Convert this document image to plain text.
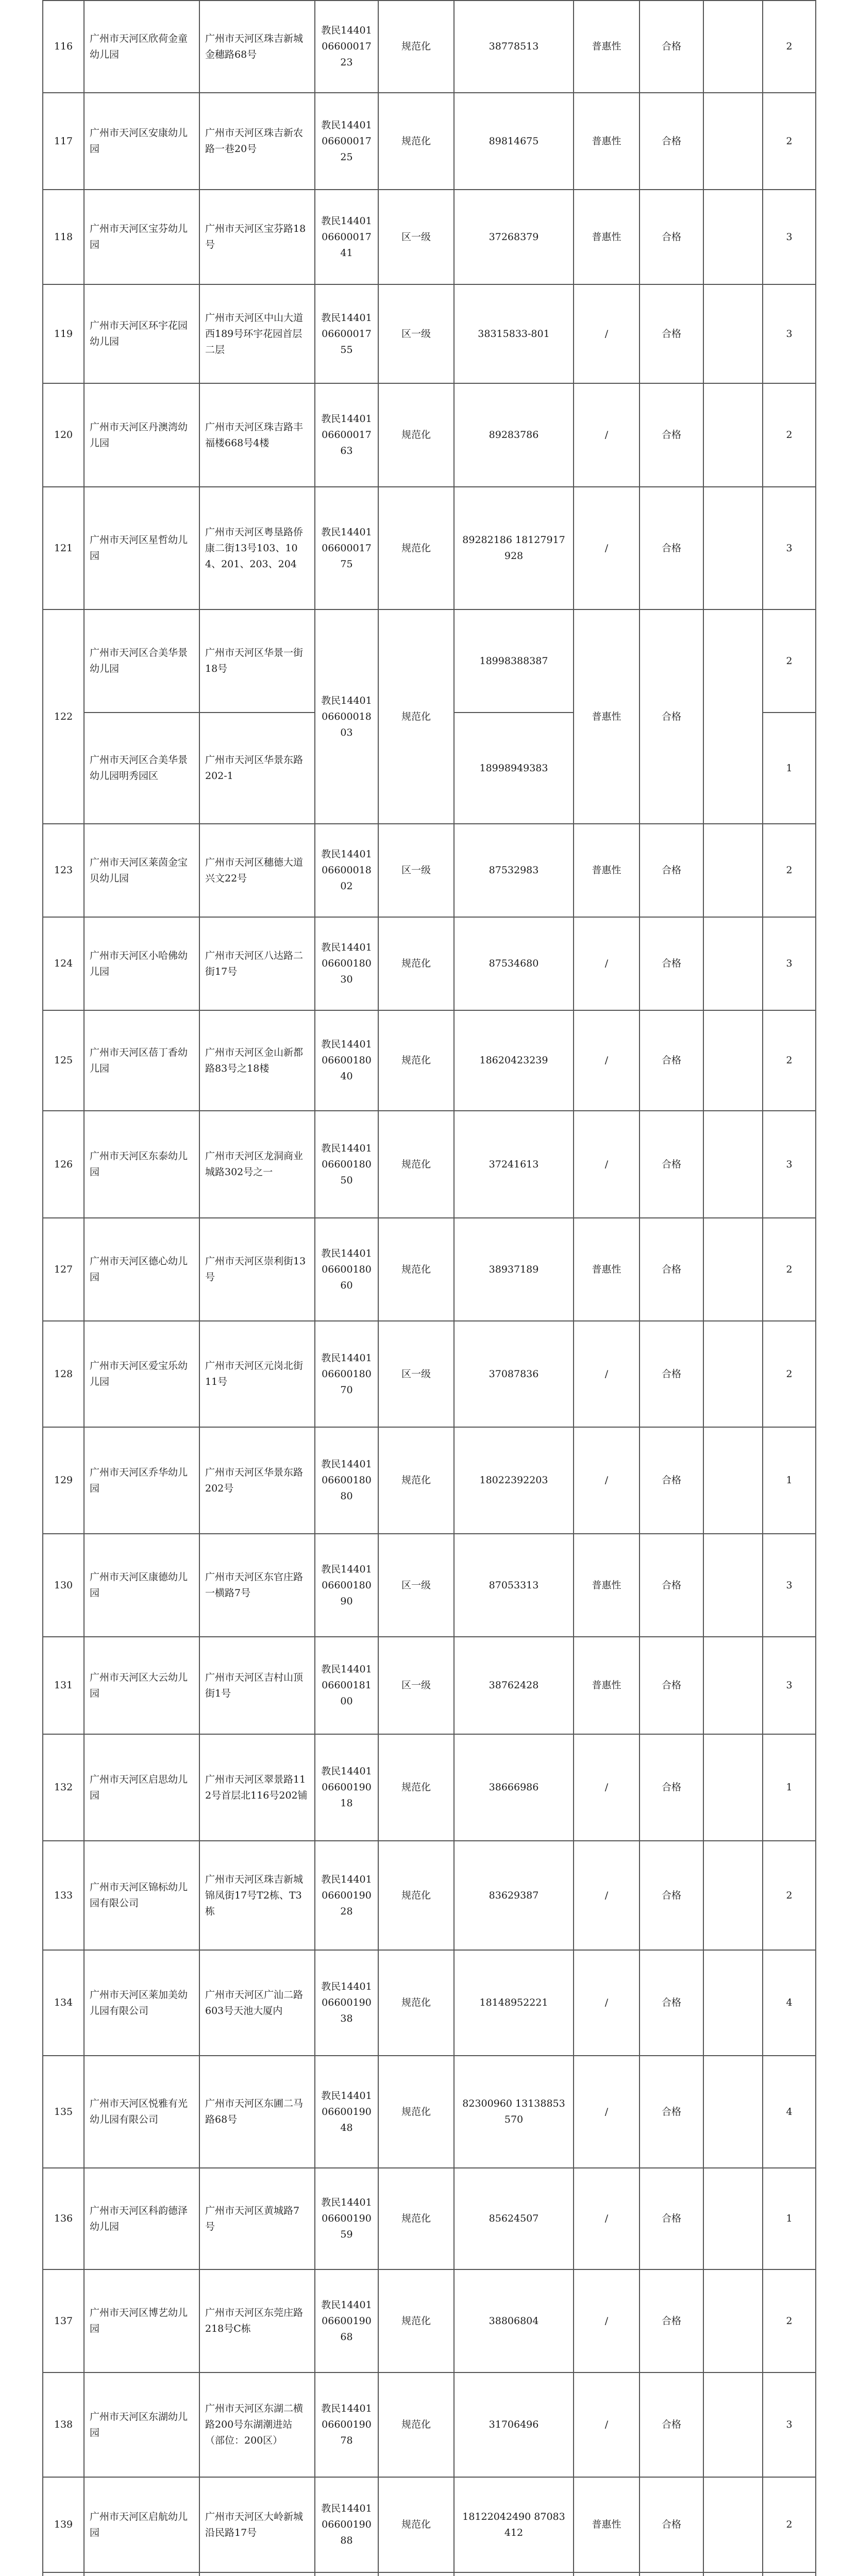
116	广州市天河区欣荷金童幼儿园	广州市天河区珠吉新城金穗路68号	教民144010660001723	规范化	38778513	普惠性	合格		2
117	广州市天河区安康幼儿园	广州市天河区珠吉新农路一巷20号	教民144010660001725	规范化	89814675	普惠性	合格		2
118	广州市天河区宝芬幼儿园	广州市天河区宝芬路18号	教民144010660001741	区一级	37268379	普惠性	合格		3
119	广州市天河区环宇花园幼儿园	广州市天河区中山大道西189号环宇花园首层二层	教民144010660001755	区一级	38315833-801	/	合格		3
120	广州市天河区丹澳湾幼儿园	广州市天河区珠吉路丰福楼668号4楼	教民144010660001763	规范化	89283786	/	合格		2
121	广州市天河区星哲幼儿园	广州市天河区粤垦路侨康二街13号103、104、201、203、204	教民144010660001775	规范化	89282186 18127917928	/	合格		3
122	广州市天河区合美华景幼儿园	广州市天河区华景一街18号	教民144010660001803	规范化	18998388387	普惠性	合格		2
	广州市天河区合美华景幼儿园明秀园区	广州市天河区华景东路202-1			18998949383				1
123	广州市天河区莱茵金宝贝幼儿园	广州市天河区穗德大道兴文22号	教民144010660001802	区一级	87532983	普惠性	合格		2
124	广州市天河区小哈佛幼儿园	广州市天河区八达路二街17号	教民144010660018030	规范化	87534680	/	合格		3
125	广州市天河区蓓丁香幼儿园	广州市天河区金山新都路83号之18楼	教民144010660018040	规范化	18620423239	/	合格		2
126	广州市天河区东泰幼儿园	广州市天河区龙洞商业城路302号之一	教民144010660018050	规范化	37241613	/	合格		3
127	广州市天河区德心幼儿园	广州市天河区崇利街13号	教民144010660018060	规范化	38937189	普惠性	合格		2
128	广州市天河区爱宝乐幼儿园	广州市天河区元岗北街11号	教民144010660018070	区一级	37087836	/	合格		2
129	广州市天河区乔华幼儿园	广州市天河区华景东路202号	教民144010660018080	规范化	18022392203	/	合格		1
130	广州市天河区康德幼儿园	广州市天河区东官庄路一横路7号	教民144010660018090	区一级	87053313	普惠性	合格		3
131	广州市天河区大云幼儿园	广州市天河区吉村山顶街1号	教民144010660018100	区一级	38762428	普惠性	合格		3
132	广州市天河区启思幼儿园	广州市天河区翠景路112号首层北116号202铺	教民144010660019018	规范化	38666986	/	合格		1
133	广州市天河区锦标幼儿园有限公司	广州市天河区珠吉新城锦凤街17号T2栋、T3栋	教民144010660019028	规范化	83629387	/	合格		2
134	广州市天河区莱加美幼儿园有限公司	广州市天河区广汕二路603号天池大厦内	教民144010660019038	规范化	18148952221	/	合格		4
135	广州市天河区悦雅有光幼儿园有限公司	广州市天河区东圃二马路68号	教民144010660019048	规范化	82300960 13138853570	/	合格		4
136	广州市天河区科韵德泽幼儿园	广州市天河区黄城路7号	教民144010660019059	规范化	85624507	/	合格		1
137	广州市天河区博艺幼儿园	广州市天河区东莞庄路218号C栋	教民144010660019068	规范化	38806804	/	合格		2
138	广州市天河区东湖幼儿园	广州市天河区东湖二横路200号东湖潮进站（部位：200区）	教民144010660019078	规范化	31706496	/	合格		3
139	广州市天河区启航幼儿园	广州市天河区大岭新城沿民路17号	教民144010660019088	规范化	18122042490 87083412	普惠性	合格		2
